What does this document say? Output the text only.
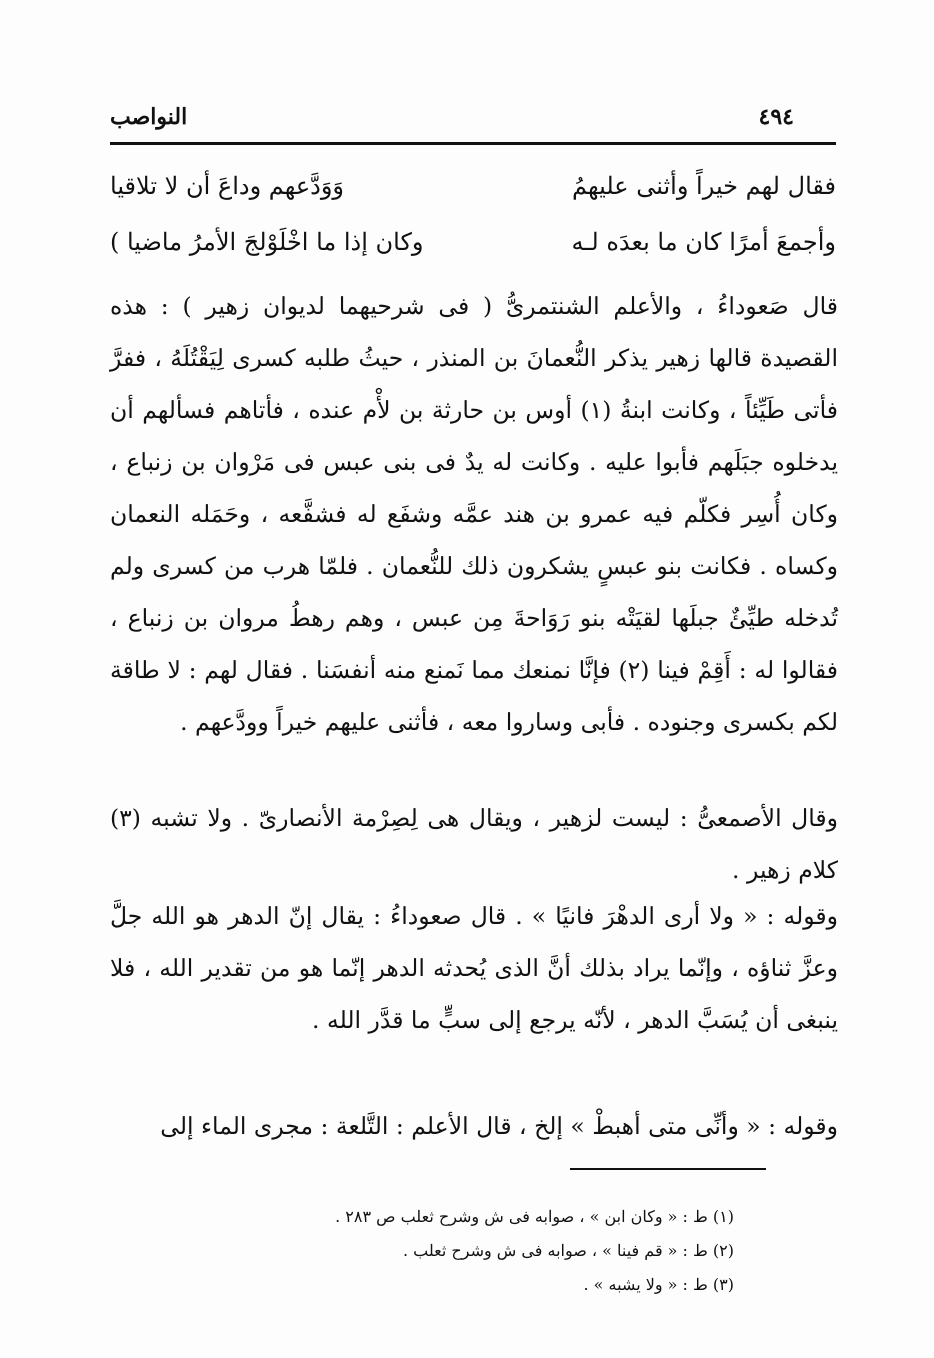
النواصب	٤٩٤
فقال لهم خيراً وأثنى عليهمُ
وَوَدَّعهم وداعَ أن لا تلاقيا
وأجمعَ أمرًا كان ما بعدَه لـه
وكان إذا ما اخْلَوْلجَ الأمرُ ماضيا )

قال صَعوداءُ ، والأعلم الشنتمرىُّ ( فى شرحيهما لديوان زهير ) : هذه القصيدة قالها زهير يذكر النُّعمانَ بن المنذر ، حيثُ طلبه كسرى لِيَقْتُلَهُ ، ففرَّ فأتى طَيِّئاً ، وكانت ابنةُ (١) أوس بن حارثة بن لأْم عنده ، فأتاهم فسألهم أن يدخلوه جبَلَهم فأبوا عليه . وكانت له يدٌ فى بنى عبس فى مَرْوان بن زنباع ، وكان أُسِر فكلّم فيه عمرو بن هند عمَّه وشفَع له فشفَّعه ، وحَمَله النعمان وكساه . فكانت بنو عبسٍ يشكرون ذلك للنُّعمان . فلمّا هرب من كسرى ولم تُدخله طيِّئٌ جبلَها لقيَتْه بنو رَوَاحةَ مِن عبس ، وهم رهطُ مروان بن زنباع ، فقالوا له : أَقِمْ فينا (٢) فإنَّا نمنعك مما نَمنع منه أنفسَنا . فقال لهم : لا طاقة لكم بكسرى وجنوده . فأبى وساروا معه ، فأثنى عليهم خيراً وودَّعهم .

وقال الأصمعىُّ : ليست لزهير ، ويقال هى لِصِرْمة الأنصارىّ . ولا تشبه (٣) كلام زهير .

وقوله : « ولا أرى الدهْرَ فانيًا » . قال صعوداءُ : يقال إنّ الدهر هو الله جلَّ وعزَّ ثناؤه ، وإنّما يراد بذلك أنَّ الذى يُحدثه الدهر إنّما هو من تقدير الله ، فلا ينبغى أن يُسَبَّ الدهر ، لأنّه يرجع إلى سبٍّ ما قدَّر الله .

وقوله : « وأنِّى متى أهبطْ » إلخ ، قال الأعلم : التَّلعة : مجرى الماء إلى

(١) ط : « وكان ابن » ، صوابه فى ش وشرح ثعلب ص ٢٨٣ .
(٢) ط : « قم فينا » ، صوابه فى ش وشرح ثعلب .
(٣) ط : « ولا يشبه » .
